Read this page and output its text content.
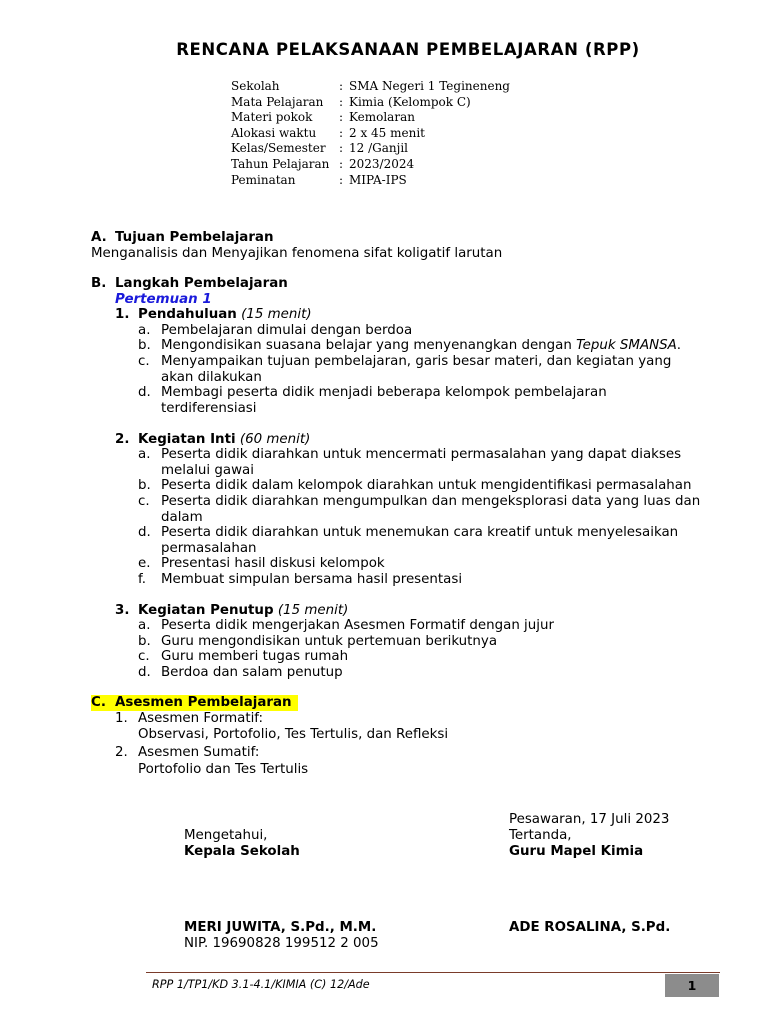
RENCANA PELAKSANAAN PEMBELAJARAN (RPP)
Sekolah	: SMA Negeri 1 Tegineneng
Mata Pelajaran : Kimia (Kelompok C)
Materi pokok : Kemolaran
Alokasi waktu : 2 x 45 menit
Kelas/Semester : 12 /Ganjil
Tahun Pelajaran : 2023/2024
Peminatan	: MIPA-IPS
A. Tujuan Pembelajaran
Menganalisis dan Menyajikan fenomena sifat koligatif larutan
B. Langkah Pembelajaran
Pertemuan 1
1. Pendahuluan (15 menit)
a. Pembelajaran dimulai dengan berdoa
b. Mengondisikan suasana belajar yang menyenangkan dengan Tepuk SMANSA.
c. Menyampaikan tujuan pembelajaran, garis besar materi, dan kegiatan yang
akan dilakukan
d. Membagi peserta didik menjadi beberapa kelompok pembelajaran
terdiferensiasi
2. Kegiatan Inti (60 menit)
a. Peserta didik diarahkan untuk mencermati permasalahan yang dapat diakses
melalui gawai
b. Peserta didik dalam kelompok diarahkan untuk mengidentifikasi permasalahan
c. Peserta didik diarahkan mengumpulkan dan mengeksplorasi data yang luas dan
dalam
d. Peserta didik diarahkan untuk menemukan cara kreatif untuk menyelesaikan
permasalahan
e. Presentasi hasil diskusi kelompok
f. Membuat simpulan bersama hasil presentasi
3. Kegiatan Penutup (15 menit)
a. Peserta didik mengerjakan Asesmen Formatif dengan jujur
b. Guru mengondisikan untuk pertemuan berikutnya
c. Guru memberi tugas rumah
d. Berdoa dan salam penutup
C. Asesmen Pembelajaran
1. Asesmen Formatif:
Observasi, Portofolio, Tes Tertulis, dan Refleksi
2. Asesmen Sumatif:
Portofolio dan Tes Tertulis
Pesawaran, 17 Juli 2023
Mengetahui,	Tertanda,
Kepala Sekolah	Guru Mapel Kimia
MERI JUWITA, S.Pd., M.M.	ADE ROSALINA, S.Pd.
NIP. 19690828 199512 2 005
RPP 1/TP1/KD 3.1-4.1/KIMIA (C) 12/Ade	1
